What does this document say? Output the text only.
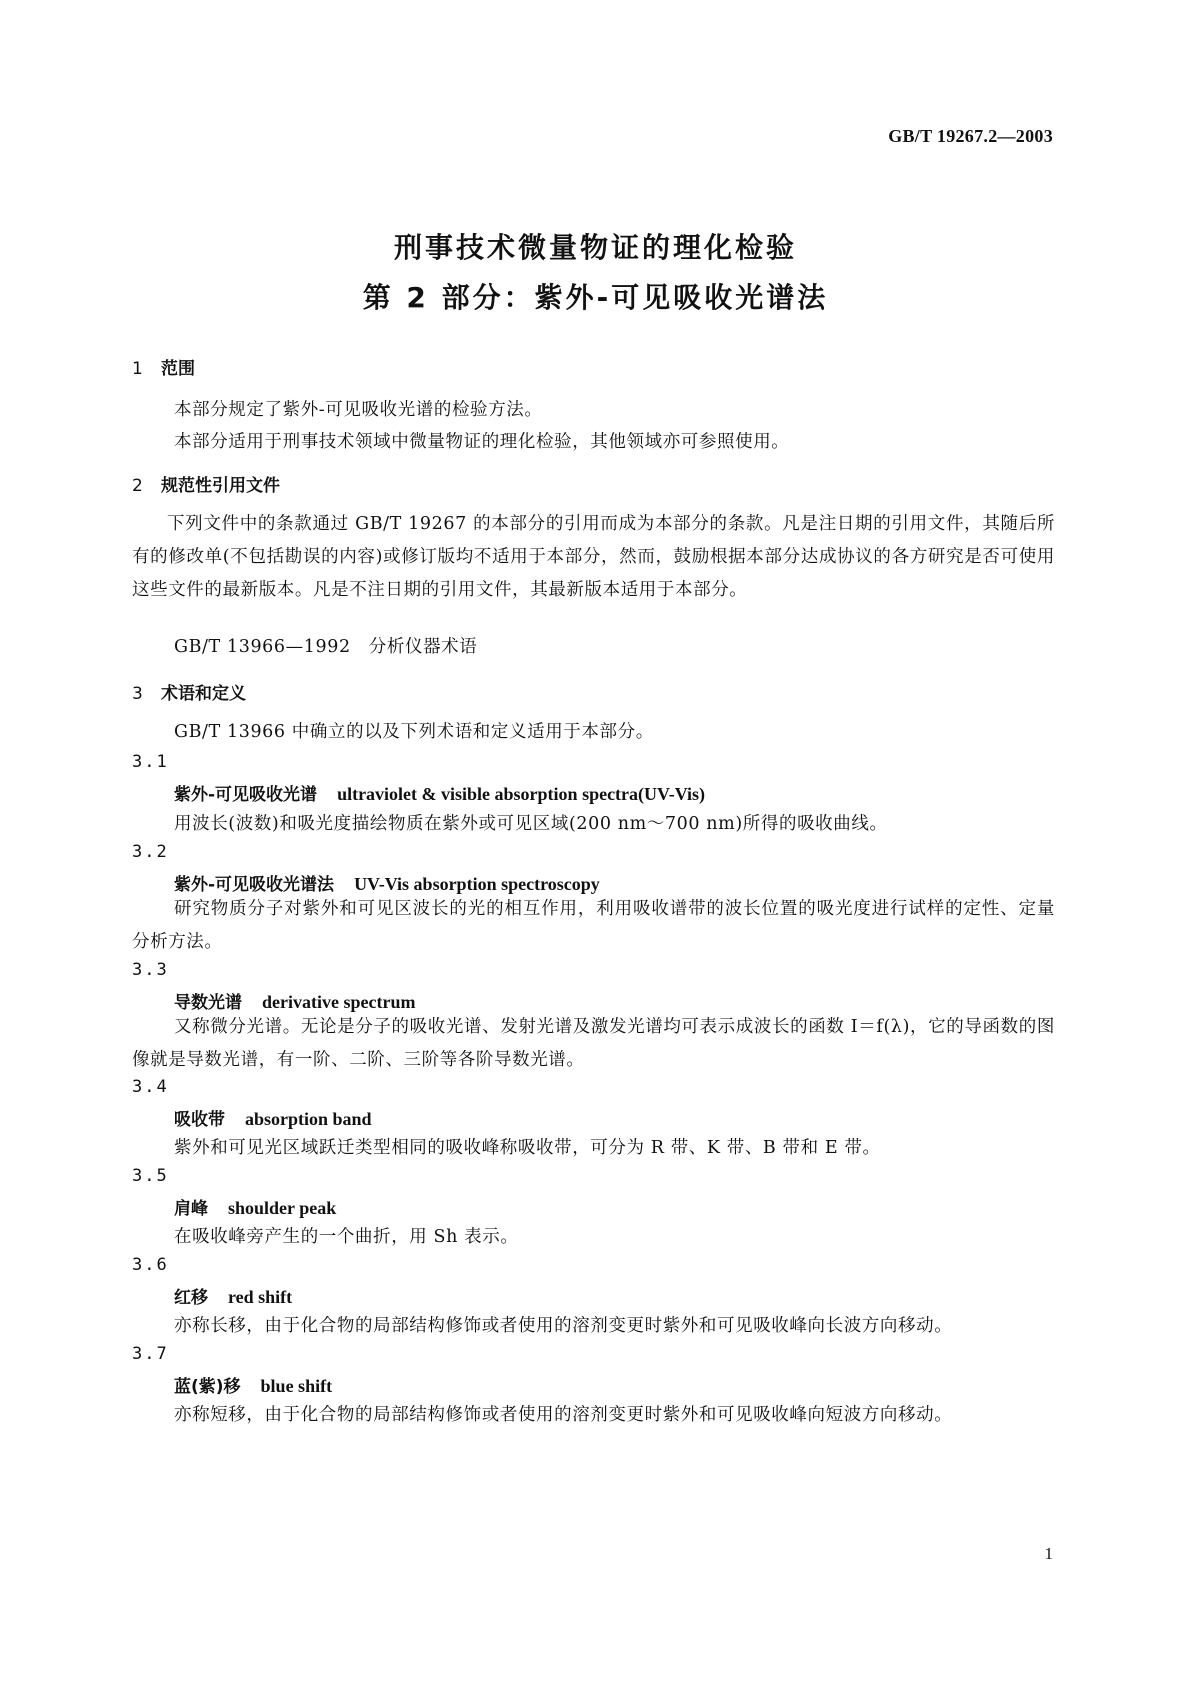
GB/T 19267.2—2003
刑事技术微量物证的理化检验
第 2 部分：紫外-可见吸收光谱法
1 范围
本部分规定了紫外-可见吸收光谱的检验方法。
本部分适用于刑事技术领域中微量物证的理化检验，其他领域亦可参照使用。
2 规范性引用文件
下列文件中的条款通过 GB/T 19267 的本部分的引用而成为本部分的条款。凡是注日期的引用文件，其随后所有的修改单(不包括勘误的内容)或修订版均不适用于本部分，然而，鼓励根据本部分达成协议的各方研究是否可使用这些文件的最新版本。凡是不注日期的引用文件，其最新版本适用于本部分。
GB/T 13966—1992　分析仪器术语
3 术语和定义
GB/T 13966 中确立的以及下列术语和定义适用于本部分。
3.1
紫外-可见吸收光谱 ultraviolet & visible absorption spectra(UV-Vis)
用波长(波数)和吸光度描绘物质在紫外或可见区域(200 nm～700 nm)所得的吸收曲线。
3.2
紫外-可见吸收光谱法 UV-Vis absorption spectroscopy
研究物质分子对紫外和可见区波长的光的相互作用，利用吸收谱带的波长位置的吸光度进行试样的定性、定量分析方法。
3.3
导数光谱 derivative spectrum
又称微分光谱。无论是分子的吸收光谱、发射光谱及激发光谱均可表示成波长的函数 I＝f(λ)，它的导函数的图像就是导数光谱，有一阶、二阶、三阶等各阶导数光谱。
3.4
吸收带 absorption band
紫外和可见光区域跃迁类型相同的吸收峰称吸收带，可分为 R 带、K 带、B 带和 E 带。
3.5
肩峰 shoulder peak
在吸收峰旁产生的一个曲折，用 Sh 表示。
3.6
红移 red shift
亦称长移，由于化合物的局部结构修饰或者使用的溶剂变更时紫外和可见吸收峰向长波方向移动。
3.7
蓝(紫)移 blue shift
亦称短移，由于化合物的局部结构修饰或者使用的溶剂变更时紫外和可见吸收峰向短波方向移动。
1
